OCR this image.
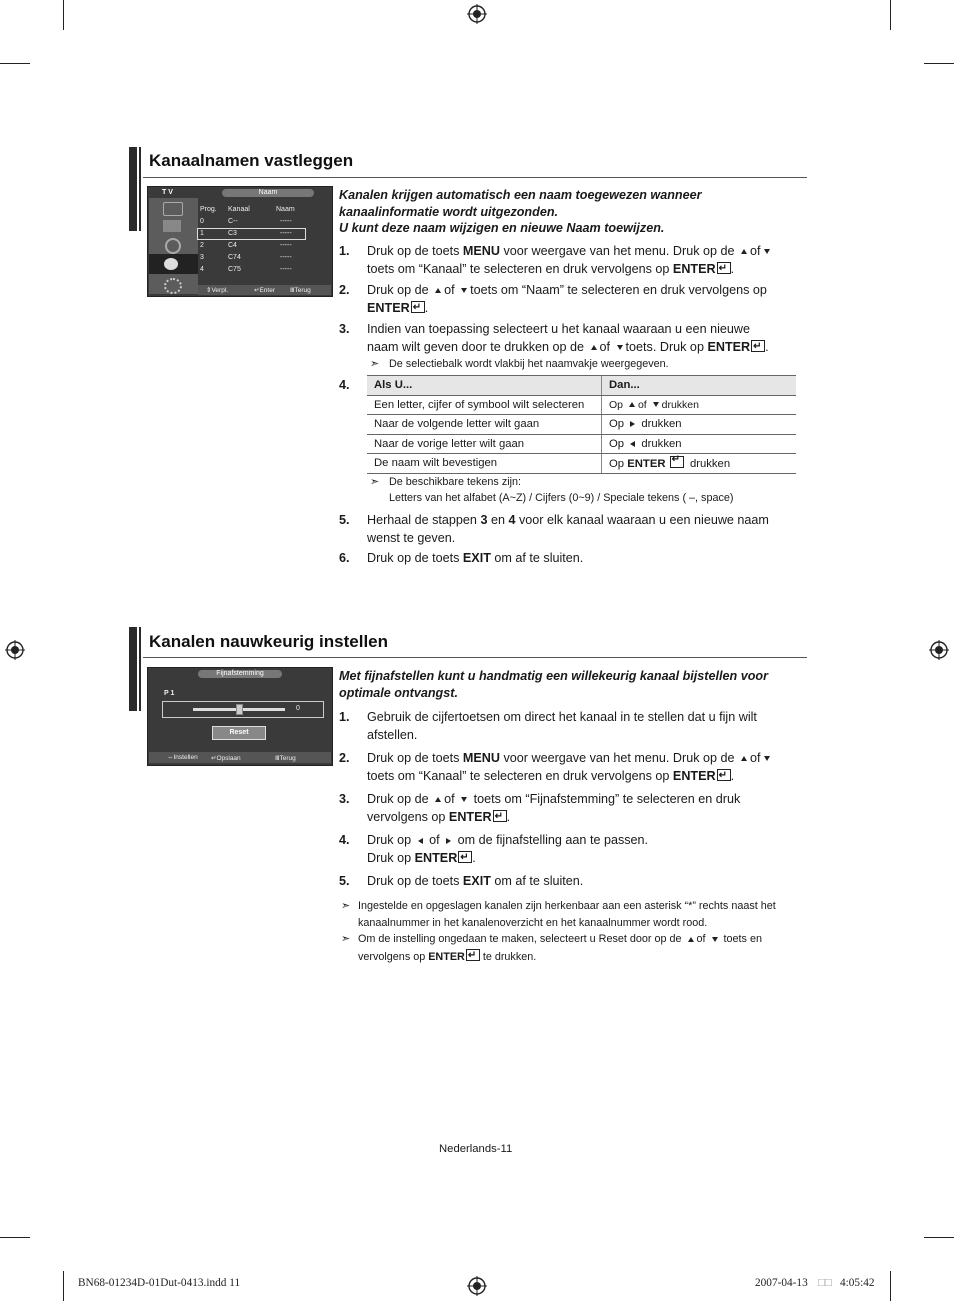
Kanaalnamen vastleggen
T V	Naam
Prog. Kanaal	Naam
0	C--	-----
1	C3	-----
2	C4	-----
3	C74	-----
4	C75	-----
⇕Verpl.	↵Enter ⅢTerug
Kanalen krijgen automatisch een naam toegewezen wanneer
kanaalinformatie wordt uitgezonden.
U kunt deze naam wijzigen en nieuwe Naam toewijzen.
1. Druk op de toets MENU voor weergave van het menu. Druk op de of
toets om “Kanaal” te selecteren en druk vervolgens op ENTER ↵ .
2. Druk op de of toets om “Naam” te selecteren en druk vervolgens op
ENTER ↵ .
3. Indien van toepassing selecteert u het kanaal waaraan u een nieuwe
naam wilt geven door te drukken op de of toets. Druk op ENTER ↵ .
➣ De selectiebalk wordt vlakbij het naamvakje weergegeven.
4. Als U...	Dan...
Een letter, cijfer of symbool wilt selecteren	Op of drukken
Naar de volgende letter wilt gaan	Op drukken
Naar de vorige letter wilt gaan	Op drukken
De naam wilt bevestigen	Op ENTER ↵ drukken
➣ De beschikbare tekens zijn:
Letters van het alfabet (A~Z) / Cijfers (0~9) / Speciale tekens ( –, space)
5. Herhaal de stappen 3 en 4 voor elk kanaal waaraan u een nieuwe naam
wenst te geven.
6. Druk op de toets EXIT om af te sluiten.
Kanalen nauwkeurig instellen
Fijnafstemming
P 1
0
Reset
⇔Instellen ↵Opslaan	ⅢTerug
Met fijnafstellen kunt u handmatig een willekeurig kanaal bijstellen voor
optimale ontvangst.
1. Gebruik de cijfertoetsen om direct het kanaal in te stellen dat u fijn wilt
afstellen.
2. Druk op de toets MENU voor weergave van het menu. Druk op de of
toets om “Kanaal” te selecteren en druk vervolgens op ENTER ↵ .
3. Druk op de of toets om “Fijnafstemming” te selecteren en druk
vervolgens op ENTER ↵ .
4. Druk op of om de fijnafstelling aan te passen.
Druk op ENTER ↵ .
5. Druk op de toets EXIT om af te sluiten.
➣ Ingestelde en opgeslagen kanalen zijn herkenbaar aan een asterisk “*” rechts naast het
kanaalnummer in het kanalenoverzicht en het kanaalnummer wordt rood.
➣ Om de instelling ongedaan te maken, selecteert u Reset door op de of toets en
vervolgens op ENTER↵ te drukken.
Nederlands-11
BN68-01234D-01Dut-0413.indd 11	2007-04-13 □□ 4:05:42
